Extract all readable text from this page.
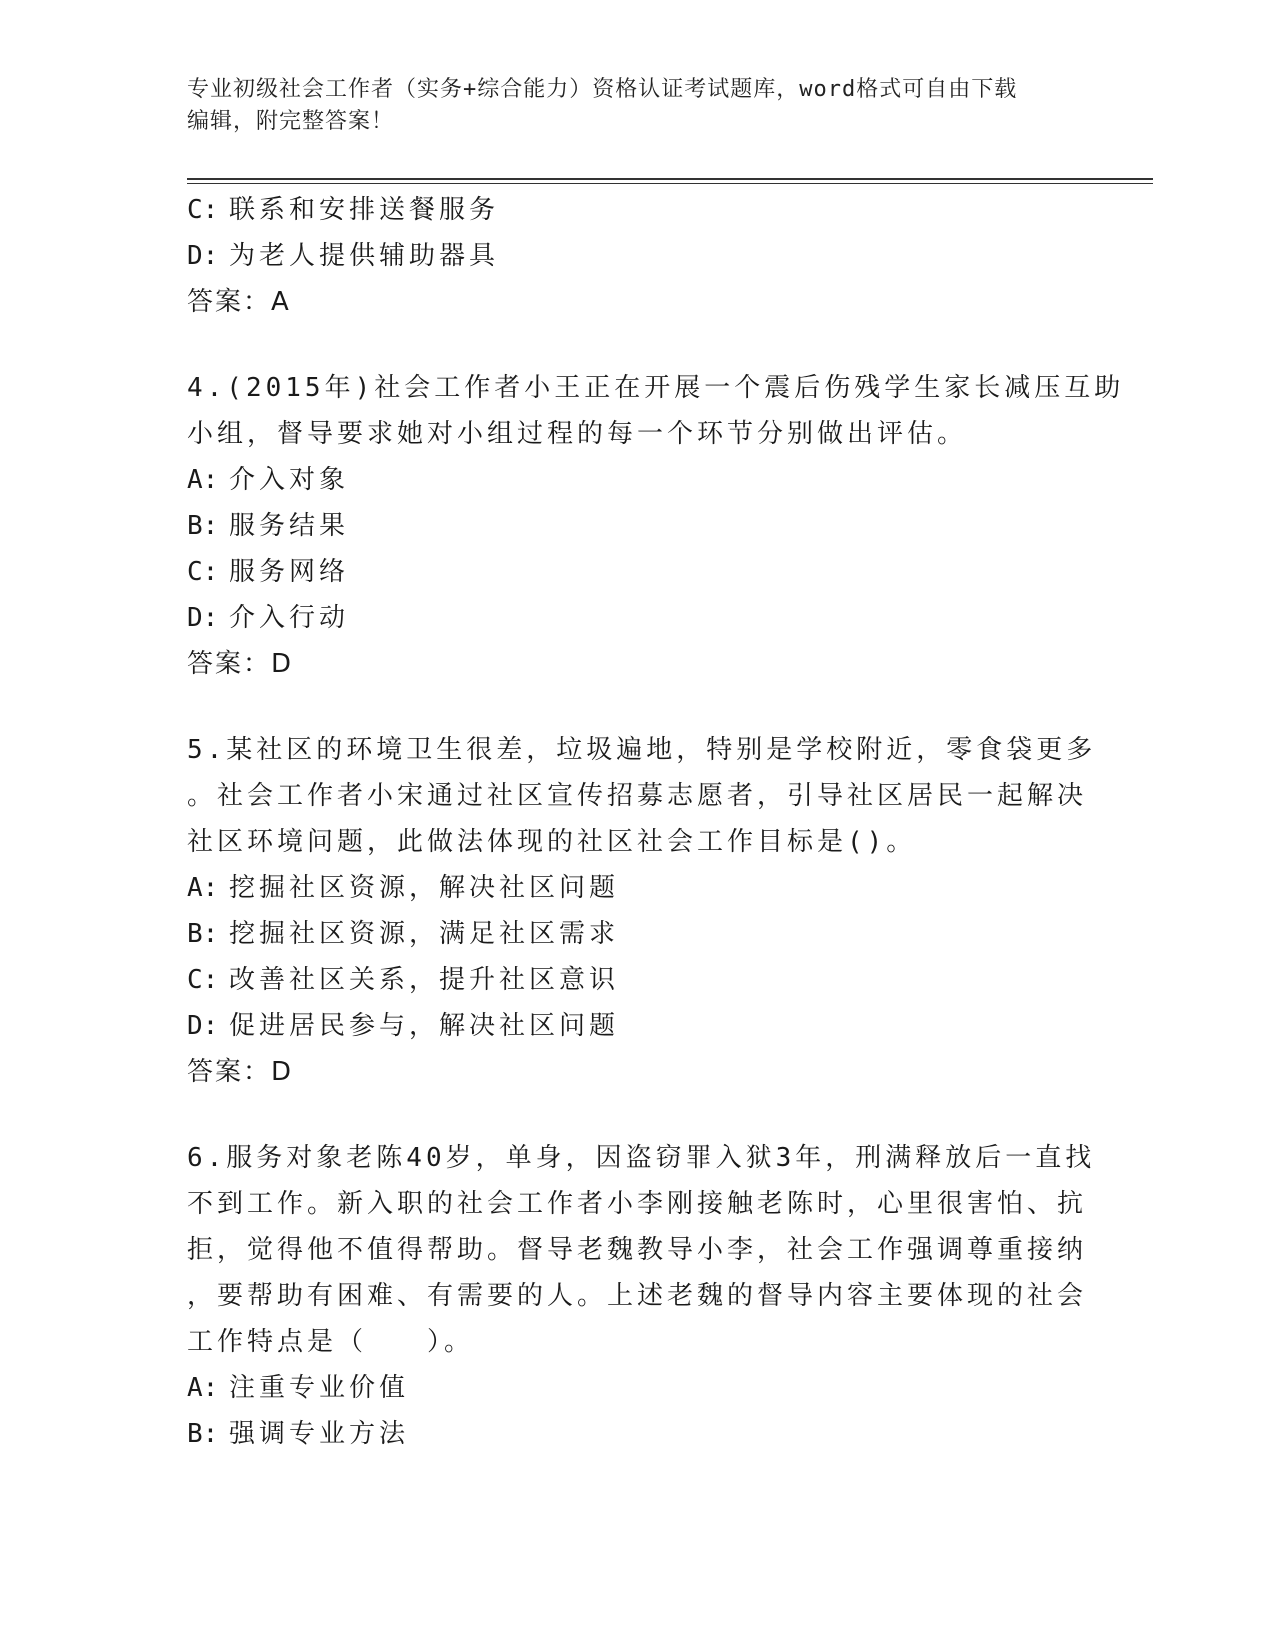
专业初级社会工作者（实务+综合能力）资格认证考试题库，word格式可自由下载
编辑，附完整答案！
C: 联系和安排送餐服务
D: 为老人提供辅助器具
答案：A
4.(2015年)社会工作者小王正在开展一个震后伤残学生家长减压互助
小组，督导要求她对小组过程的每一个环节分别做出评估。
A: 介入对象
B: 服务结果
C: 服务网络
D: 介入行动
答案：D
5.某社区的环境卫生很差，垃圾遍地，特别是学校附近，零食袋更多
。社会工作者小宋通过社区宣传招募志愿者，引导社区居民一起解决
社区环境问题，此做法体现的社区社会工作目标是()。
A: 挖掘社区资源，解决社区问题
B: 挖掘社区资源，满足社区需求
C: 改善社区关系，提升社区意识
D: 促进居民参与，解决社区问题
答案：D
6.服务对象老陈40岁，单身，因盗窃罪入狱3年，刑满释放后一直找
不到工作。新入职的社会工作者小李刚接触老陈时，心里很害怕、抗
拒，觉得他不值得帮助。督导老魏教导小李，社会工作强调尊重接纳
，要帮助有困难、有需要的人。上述老魏的督导内容主要体现的社会
工作特点是（　　）。
A: 注重专业价值
B: 强调专业方法
